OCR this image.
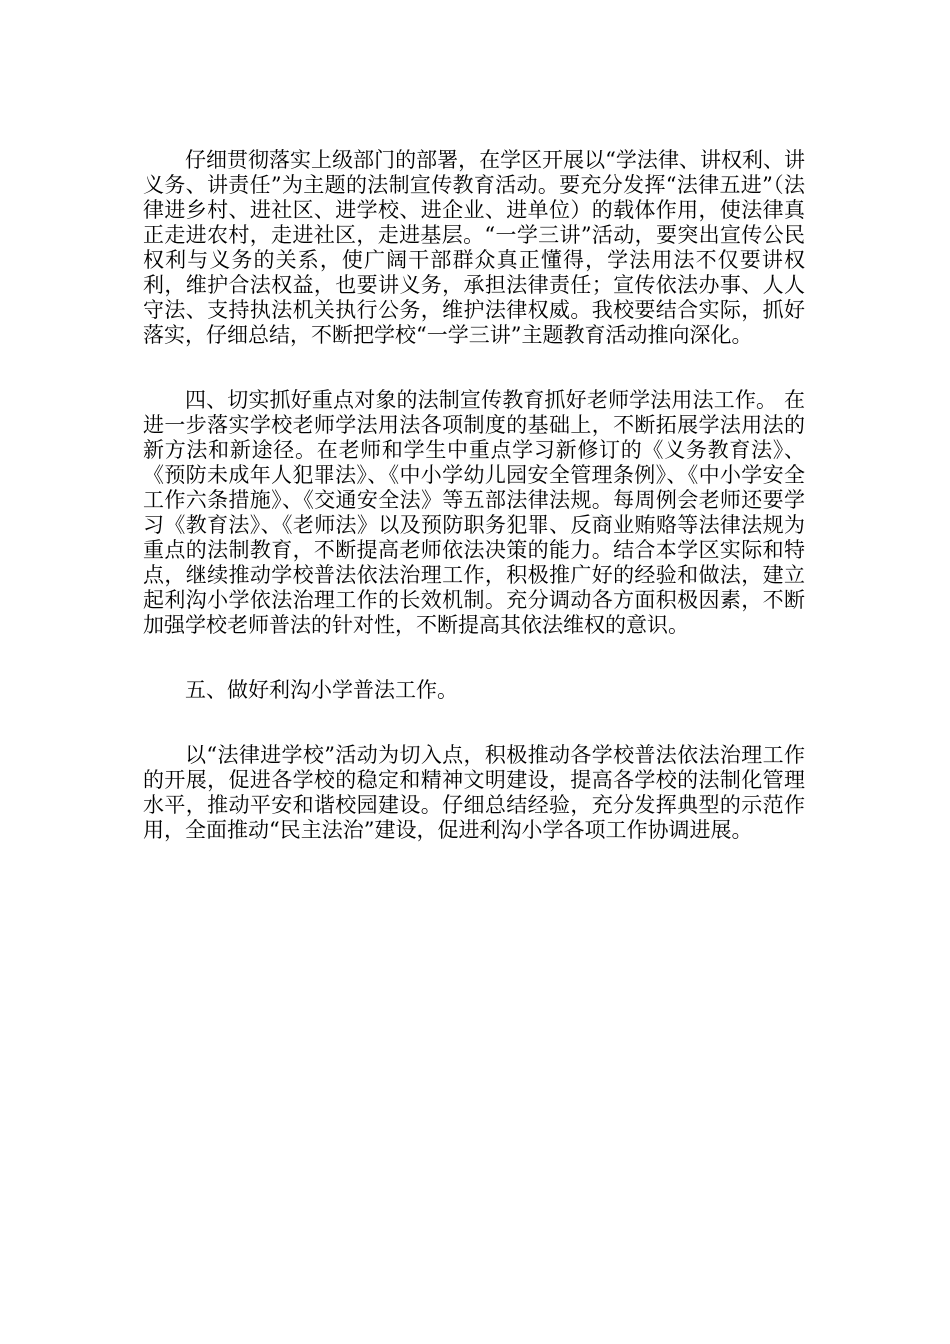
仔细贯彻落实上级部门的部署，在学区开展以“学法律、讲权利、讲义务、讲责任”为主题的法制宣传教育活动。要充分发挥“法律五进”（法律进乡村、进社区、进学校、进企业、进单位）的载体作用，使法律真正走进农村，走进社区，走进基层。“一学三讲”活动，要突出宣传公民权利与义务的关系，使广阔干部群众真正懂得，学法用法不仅要讲权利，维护合法权益，也要讲义务，承担法律责任；宣传依法办事、人人守法、支持执法机关执行公务，维护法律权威。我校要结合实际，抓好落实，仔细总结，不断把学校“一学三讲”主题教育活动推向深化。

四、切实抓好重点对象的法制宣传教育抓好老师学法用法工作。 在进一步落实学校老师学法用法各项制度的基础上，不断拓展学法用法的新方法和新途径。在老师和学生中重点学习新修订的《义务教育法》、《预防未成年人犯罪法》、《中小学幼儿园安全管理条例》、《中小学安全工作六条措施》、《交通安全法》等五部法律法规。每周例会老师还要学习《教育法》、《老师法》以及预防职务犯罪、反商业贿赂等法律法规为重点的法制教育，不断提高老师依法决策的能力。结合本学区实际和特点，继续推动学校普法依法治理工作，积极推广好的经验和做法，建立起利沟小学依法治理工作的长效机制。充分调动各方面积极因素，不断加强学校老师普法的针对性，不断提高其依法维权的意识。

五、做好利沟小学普法工作。

以“法律进学校”活动为切入点，积极推动各学校普法依法治理工作的开展，促进各学校的稳定和精神文明建设，提高各学校的法制化管理水平，推动平安和谐校园建设。仔细总结经验，充分发挥典型的示范作用，全面推动“民主法治”建设，促进利沟小学各项工作协调进展。
